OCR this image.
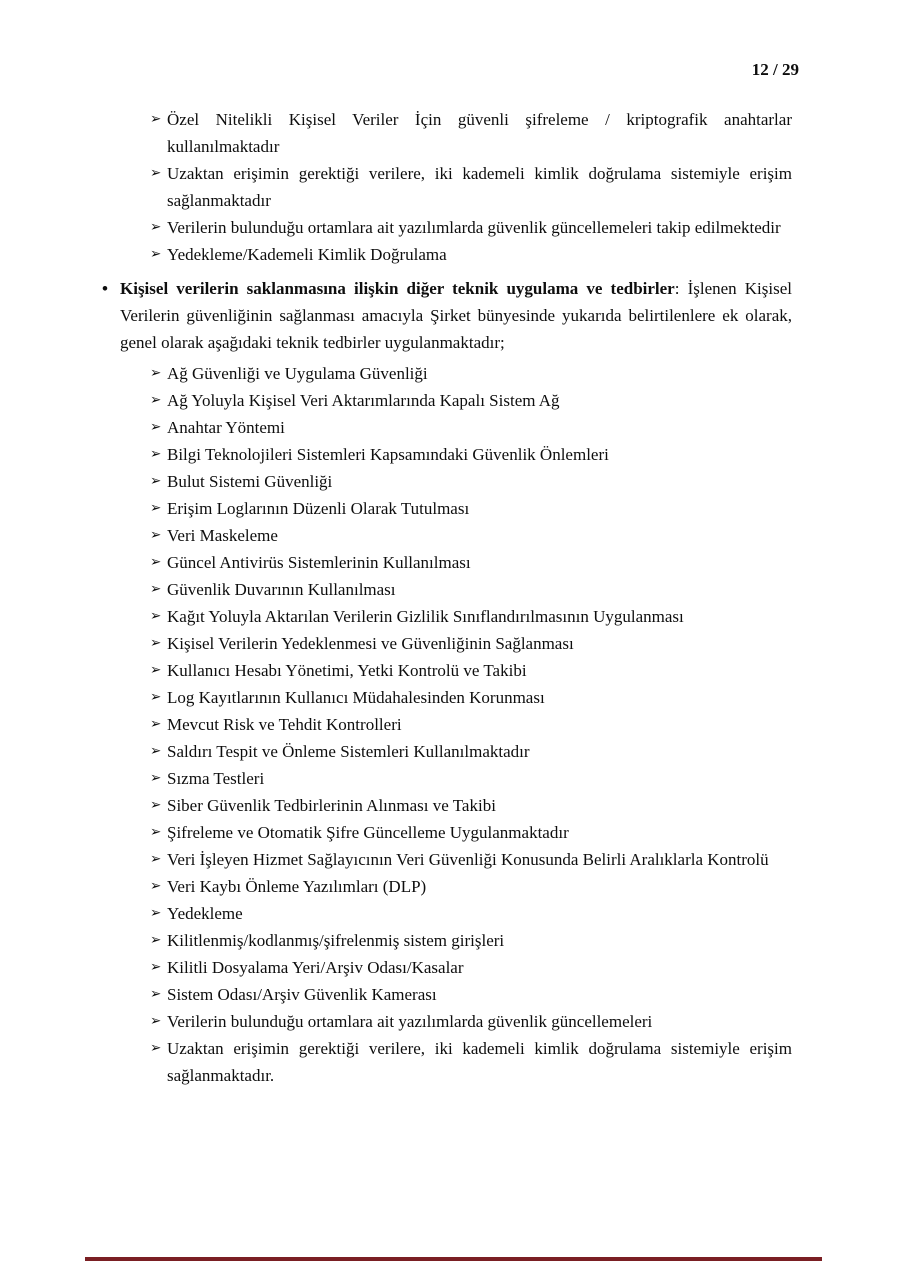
12 / 29
➢ Özel Nitelikli Kişisel Veriler İçin güvenli şifreleme / kriptografik anahtarlar kullanılmaktadır
➢ Uzaktan erişimin gerektiği verilere, iki kademeli kimlik doğrulama sistemiyle erişim sağlanmaktadır
➢ Verilerin bulunduğu ortamlara ait yazılımlarda güvenlik güncellemeleri takip edilmektedir
➢ Yedekleme/Kademeli Kimlik Doğrulama
• Kişisel verilerin saklanmasına ilişkin diğer teknik uygulama ve tedbirler: İşlenen Kişisel Verilerin güvenliğinin sağlanması amacıyla Şirket bünyesinde yukarıda belirtilenlere ek olarak, genel olarak aşağıdaki teknik tedbirler uygulanmaktadır;
➢ Ağ Güvenliği ve Uygulama Güvenliği
➢ Ağ Yoluyla Kişisel Veri Aktarımlarında Kapalı Sistem Ağ
➢ Anahtar Yöntemi
➢ Bilgi Teknolojileri Sistemleri Kapsamındaki Güvenlik Önlemleri
➢ Bulut Sistemi Güvenliği
➢ Erişim Loglarının Düzenli Olarak Tutulması
➢ Veri Maskeleme
➢ Güncel Antivirüs Sistemlerinin Kullanılması
➢ Güvenlik Duvarının Kullanılması
➢ Kağıt Yoluyla Aktarılan Verilerin Gizlilik Sınıflandırılmasının Uygulanması
➢ Kişisel Verilerin Yedeklenmesi ve Güvenliğinin Sağlanması
➢ Kullanıcı Hesabı Yönetimi, Yetki Kontrolü ve Takibi
➢ Log Kayıtlarının Kullanıcı Müdahalesinden Korunması
➢ Mevcut Risk ve Tehdit Kontrolleri
➢ Saldırı Tespit ve Önleme Sistemleri Kullanılmaktadır
➢ Sızma Testleri
➢ Siber Güvenlik Tedbirlerinin Alınması ve Takibi
➢ Şifreleme ve Otomatik Şifre Güncelleme Uygulanmaktadır
➢ Veri İşleyen Hizmet Sağlayıcının Veri Güvenliği Konusunda Belirli Aralıklarla Kontrolü
➢ Veri Kaybı Önleme Yazılımları (DLP)
➢ Yedekleme
➢ Kilitlenmiş/kodlanmış/şifrelenmiş sistem girişleri
➢ Kilitli Dosyalama Yeri/Arşiv Odası/Kasalar
➢ Sistem Odası/Arşiv Güvenlik Kamerası
➢ Verilerin bulunduğu ortamlara ait yazılımlarda güvenlik güncellemeleri
➢ Uzaktan erişimin gerektiği verilere, iki kademeli kimlik doğrulama sistemiyle erişim sağlanmaktadır.
